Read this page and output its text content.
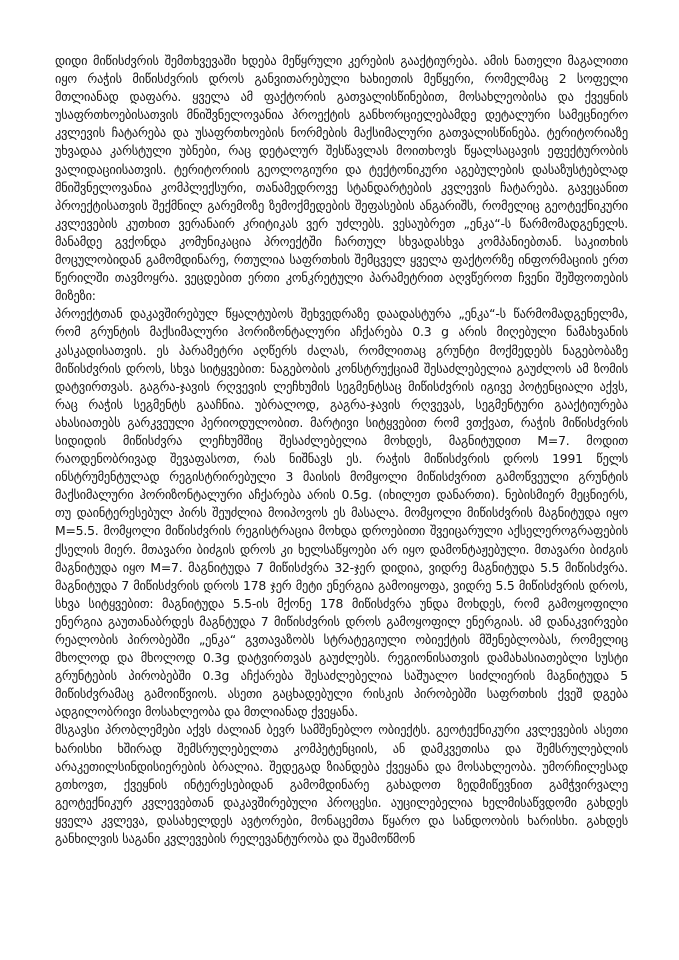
დიდი მიწისძვრის შემთხვევაში ხდება მეწყრული კერების გააქტიურება. ამის ნათელი მაგალითი იყო რაჭის მიწისძვრის დროს განვითარებული ხახიეთის მეწყერი, რომელმაც 2 სოფელი მთლიანად დაფარა. ყველა ამ ფაქტორის გათვალისწინებით, მოსახლეობისა და ქვეყნის უსაფრთხოებისათვის მნიშვნელოვანია პროექტის განხორციელებამდე დეტალური სამეცნიერო კვლევის ჩატარება და უსაფრთხოების ნორმების მაქსიმალური გათვალისწინება. ტერიტორიაზე უხვადაა კარსტული უბნები, რაც დეტალურ შესწავლას მოითხოვს წყალსაცავის ეფექტურობის ვალიდაციისათვის. ტერიტორიის გეოლოგიური და ტექტონიკური აგებულების დასაზუსტებლად მნიშვნელოვანია კომპლექსური, თანამედროვე სტანდარტების კვლევის ჩატარება. გავეცანით პროექტისათვის შექმნილ გარემოზე ზემოქმედების შეფასების ანგარიშს, რომელიც გეოტექნიკური კვლევების კუთხით ვერანაირ კრიტიკას ვერ უძლებს. ვესაუბრეთ „ენკა“-ს წარმომადგენელს. მანამდე გვქონდა კომუნიკაცია პროექტში ჩართულ სხვადასხვა კომპანიებთან. საკითხის მოცულობიდან გამომდინარე, რთულია საფრთხის შემცველ ყველა ფაქტორზე ინფორმაციის ერთ წერილში თავმოყრა. ვეცდებით ერთი კონკრეტული პარამეტრით აღვწეროთ ჩვენი შეშფოთების მიზეზი:

პროექტთან დაკავშირებულ წყალტუბოს შეხვედრაზე დაადასტურა „ენკა“-ს წარმომადგენელმა, რომ გრუნტის მაქსიმალური ჰორიზონტალური აჩქარება 0.3 g არის მიღებული ნამახვანის კასკადისათვის. ეს პარამეტრი აღწერს ძალას, რომლითაც გრუნტი მოქმედებს ნაგებობაზე მიწისძვრის დროს, სხვა სიტყვებით: ნაგებობის კონსტრუქციამ შესაძლებელია გაუძლოს ამ ზომის დატვირთვას. გაგრა-ჯავის რღვევის ლეჩხუმის სეგმენტსაც მიწისძვრის იგივე პოტენციალი აქვს, რაც რაჭის სეგმენტს გააჩნია. უბრალოდ, გაგრა-ჯავის რღვევას, სეგმენტური გააქტიურება ახასიათებს გარკვეული პერიოდულობით. მარტივი სიტყვებით რომ ვთქვათ, რაჭის მიწისძვრის სიდიდის მიწისძვრა ლეჩხუმშიც შესაძლებელია მოხდეს, მაგნიტუდით M=7. მოდით რაოდენობრივად შევაფასოთ, რას ნიშნავს ეს. რაჭის მიწისძვრის დროს 1991 წელს ინსტრუმენტულად რეგისტრირებული 3 მაისის მომყოლი მიწისძვრით გამოწვეული გრუნტის მაქსიმალური ჰორიზონტალური აჩქარება არის 0.5g. (იხილეთ დანართი). ნებისმიერ მეცნიერს, თუ დაინტერესებულ პირს შეუძლია მოიპოვოს ეს მასალა. მომყოლი მიწისძვრის მაგნიტუდა იყო M=5.5. მომყოლი მიწისძვრის რეგისტრაცია მოხდა დროებითი შვეიცარული აქსელეროგრაფების ქსელის მიერ. მთავარი ბიძგის დროს კი ხელსაწყოები არ იყო დამონტაჟებული. მთავარი ბიძგის მაგნიტუდა იყო M=7. მაგნიტუდა 7 მიწისძვრა 32-ჯერ დიდია, ვიდრე მაგნიტუდა 5.5 მიწისძვრა. მაგნიტუდა 7 მიწისძვრის დროს 178 ჯერ მეტი ენერგია გამოიყოფა, ვიდრე 5.5 მიწისძვრის დროს, სხვა სიტყვებით: მაგნიტუდა 5.5-ის მქონე 178 მიწისძვრა უნდა მოხდეს, რომ გამოყოფილი ენერგია გაუთანაბრდეს მაგნტუდა 7 მიწისძვრის დროს გამოყოფილ ენერგიას. ამ დანაკვირვები რეალობის პირობებში „ენკა“ გვთავაზობს სტრატეგიული ობიექტის მშენებლობას, რომელიც მხოლოდ და მხოლოდ 0.3g დატვირთვას გაუძლებს. რეგიონისათვის დამახასიათებლი სუსტი გრუნტების პირობებში 0.3g აჩქარება შესაძლებელია საშუალო სიძლიერის მაგნიტუდა 5 მიწისძვრამაც გამოიწვიოს. ასეთი გაცხადებული რისკის პირობებში საფრთხის ქვეშ დგება ადგილობრივი მოსახლეობა და მთლიანად ქვეყანა.

მსგავსი პრობლემები აქვს ძალიან ბევრ სამშენებლო ობიექტს. გეოტექნიკური კვლევების ასეთი ხარისხი ხშირად შემსრულებელთა კომპეტენციის, ან დამკვეთისა და შემსრულებლის არაკეთილსინდისიერების ბრალია. შედეგად ზიანდება ქვეყანა და მოსახლეობა. უმორჩილესად გთხოვთ, ქვეყნის ინტერესებიდან გამომდინარე გახადოთ ზედმიწევნით გამჭვირვალე გეოტექნიკურ კვლევებთან დაკავშირებული პროცესი. აუცილებელია ხელმისაწვდომი გახდეს ყველა კვლევა, დასახელდეს ავტორები, მონაცემთა წყარო და სანდოობის ხარისხი. გახდეს განხილვის საგანი კვლევების რელევანტურობა და შეამოწმონ
